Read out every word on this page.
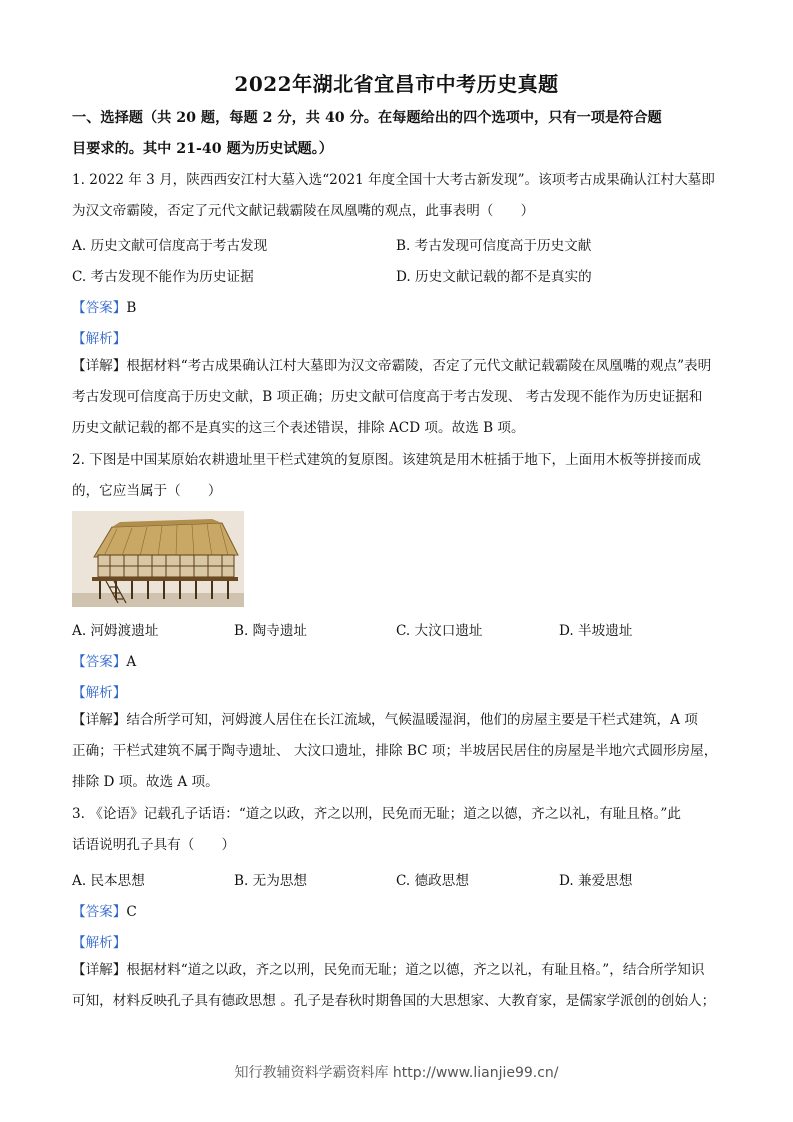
2022年湖北省宜昌市中考历史真题
一、选择题（共 20 题，每题 2 分，共 40 分。在每题给出的四个选项中，只有一项是符合题
目要求的。其中 21-40 题为历史试题。）
1. 2022 年 3 月，陕西西安江村大墓入选“2021 年度全国十大考古新发现”。该项考古成果确认江村大墓即
为汉文帝霸陵，否定了元代文献记载霸陵在凤凰嘴的观点，此事表明（　　）
A. 历史文献可信度高于考古发现	B. 考古发现可信度高于历史文献
C. 考古发现不能作为历史证据	D. 历史文献记载的都不是真实的
【答案】B
【解析】
【详解】根据材料“考古成果确认江村大墓即为汉文帝霸陵，否定了元代文献记载霸陵在凤凰嘴的观点”表明
考古发现可信度高于历史文献，B 项正确；历史文献可信度高于考古发现、 考古发现不能作为历史证据和
历史文献记载的都不是真实的这三个表述错误，排除 ACD 项。故选 B 项。
2. 下图是中国某原始农耕遗址里干栏式建筑的复原图。该建筑是用木桩插于地下，上面用木板等拼接而成
的，它应当属于（　　）
A. 河姆渡遗址	B. 陶寺遗址	C. 大汶口遗址	D. 半坡遗址
【答案】A
【解析】
【详解】结合所学可知，河姆渡人居住在长江流域，气候温暖湿润，他们的房屋主要是干栏式建筑，A 项
正确；干栏式建筑不属于陶寺遗址、 大汶口遗址，排除 BC 项；半坡居民居住的房屋是半地穴式圆形房屋，
排除 D 项。故选 A 项。
3. 《论语》记载孔子话语：“道之以政，齐之以刑，民免而无耻；道之以德，齐之以礼，有耻且格。”此
话语说明孔子具有（　　）
A. 民本思想	B. 无为思想	C. 德政思想	D. 兼爱思想
【答案】C
【解析】
【详解】根据材料“道之以政，齐之以刑，民免而无耻；道之以德，齐之以礼，有耻且格。”，结合所学知识
可知，材料反映孔子具有德政思想 。孔子是春秋时期鲁国的大思想家、大教育家，是儒家学派创的创始人；
知行教辅资料学霸资料库 http://www.lianjie99.cn/
